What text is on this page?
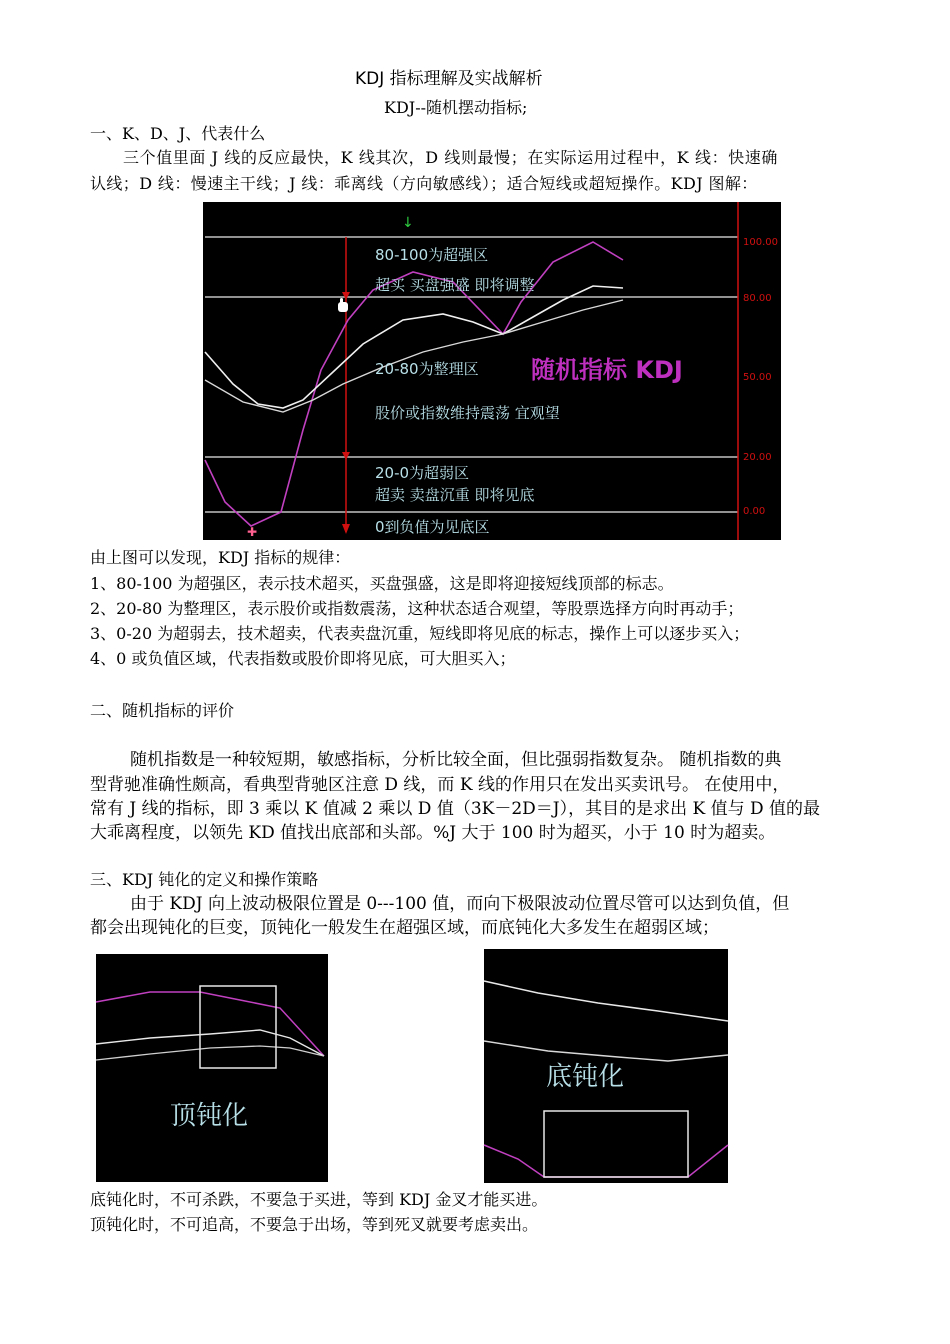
KDJ 指标理解及实战解析
KDJ--随机摆动指标;
一、K、D、J、代表什么
三个值里面 J 线的反应最快，K 线其次，D 线则最慢；在实际运用过程中，K 线：快速确
认线；D 线：慢速主干线；J 线：乖离线（方向敏感线）；适合短线或超短操作。KDJ 图解：
↓
✚
80-100为超强区
超买 买盘强盛 即将调整
20-80为整理区
股价或指数维持震荡 宜观望
20-0为超弱区
超卖 卖盘沉重 即将见底
0到负值为见底区
随机指标 KDJ
100.00
80.00
50.00
20.00
0.00
由上图可以发现，KDJ 指标的规律：
1、80-100 为超强区，表示技术超买，买盘强盛，这是即将迎接短线顶部的标志。
2、20-80 为整理区，表示股价或指数震荡，这种状态适合观望，等股票选择方向时再动手；
3、0-20 为超弱去，技术超卖，代表卖盘沉重，短线即将见底的标志，操作上可以逐步买入；
4、0 或负值区域，代表指数或股价即将见底，可大胆买入；
二、随机指标的评价
随机指数是一种较短期，敏感指标，分析比较全面，但比强弱指数复杂。 随机指数的典
型背驰准确性颇高，看典型背驰区注意 D 线，而 K 线的作用只在发出买卖讯号。 在使用中，
常有 J 线的指标，即 3 乘以 K 值减 2 乘以 D 值（3K－2D＝J），其目的是求出 K 值与 D 值的最
大乖离程度，以领先 KD 值找出底部和头部。%J 大于 100 时为超买，小于 10 时为超卖。
三、KDJ 钝化的定义和操作策略
由于 KDJ 向上波动极限位置是 0---100 值，而向下极限波动位置尽管可以达到负值，但
都会出现钝化的巨变，顶钝化一般发生在超强区域，而底钝化大多发生在超弱区域；
顶钝化
底钝化
底钝化时，不可杀跌，不要急于买进，等到 KDJ 金叉才能买进。
顶钝化时，不可追高，不要急于出场，等到死叉就要考虑卖出。
